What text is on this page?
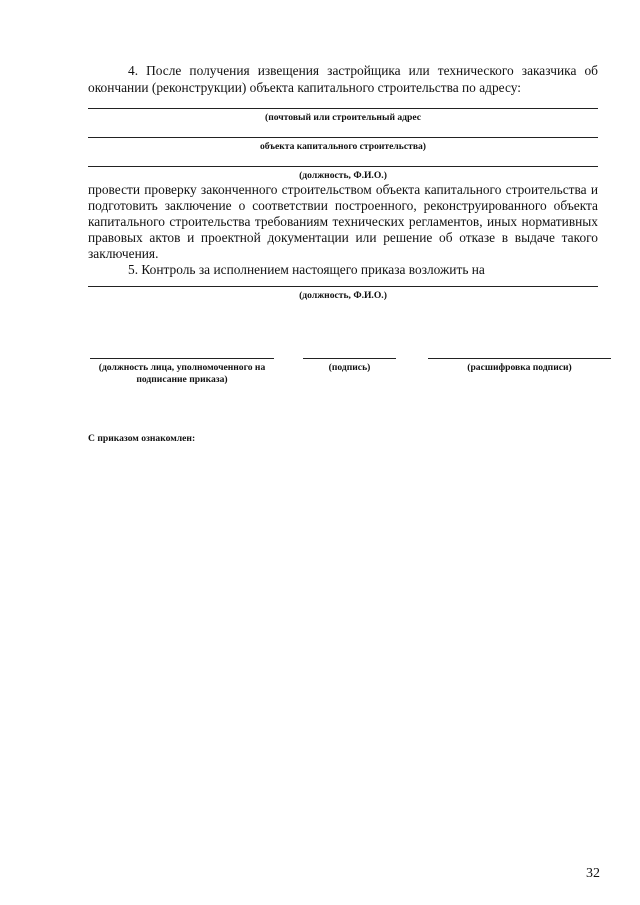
4. После получения извещения застройщика или технического заказчика об

окончании (реконструкции) объекта капитального строительства по адресу:

(почтовый или строительный адрес

объекта капитального строительства)

(должность, Ф.И.О.)

провести проверку законченного строительством объекта капитального строительства и

подготовить заключение о соответствии построенного, реконструированного объекта

капитального строительства требованиям технических регламентов, иных нормативных

правовых актов и проектной документации или решение об отказе в выдаче такого

заключения.

5. Контроль за исполнением настоящего приказа возложить на

(должность, Ф.И.О.)

(должность лица, уполномоченного на

подписание приказа)

(подпись)	(расшифровка подписи)

С приказом ознакомлен:

32
